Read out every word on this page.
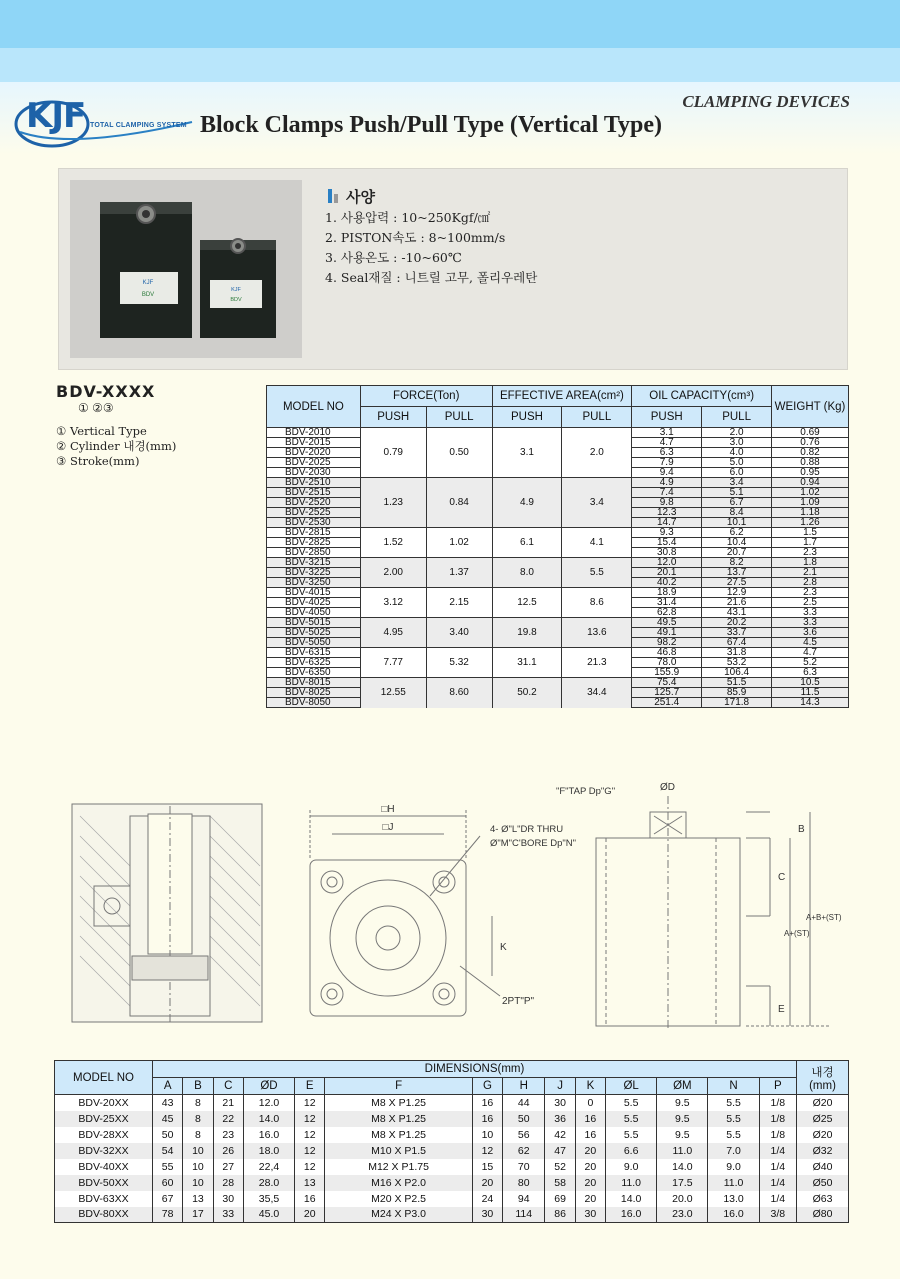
KJF TOTAL CLAMPING SYSTEM
CLAMPING DEVICES
Block Clamps Push/Pull Type (Vertical Type)
KJF
BDV
KJF
BDV
사양
1. 사용압력 : 10~250Kgf/㎠
2. PISTON속도 : 8~100mm/s
3. 사용온도 : -10~60℃
4. Seal재질 : 니트릴 고무, 폴리우레탄
BDV-XXXX
① ②③
① Vertical Type
② Cylinder 내경(mm)
③ Stroke(mm)
MODEL NO	FORCE(Ton)		EFFECTIVE AREA(cm²)		OIL CAPACITY(cm³)		WEIGHT (Kg)
	PUSH	PULL	PUSH	PULL	PUSH	PULL	
BDV-2010	0.79	0.50	3.1	2.0	3.1	2.0	0.69
BDV-2015					4.7	3.0	0.76
BDV-2020					6.3	4.0	0.82
BDV-2025					7.9	5.0	0.88
BDV-2030					9.4	6.0	0.95
BDV-2510	1.23	0.84	4.9	3.4	4.9	3.4	0.94
BDV-2515					7.4	5.1	1.02
BDV-2520					9.8	6.7	1.09
BDV-2525					12.3	8.4	1.18
BDV-2530					14.7	10.1	1.26
BDV-2815	1.52	1.02	6.1	4.1	9.3	6.2	1.5
BDV-2825					15.4	10.4	1.7
BDV-2850					30.8	20.7	2.3
BDV-3215	2.00	1.37	8.0	5.5	12.0	8.2	1.8
BDV-3225					20.1	13.7	2.1
BDV-3250					40.2	27.5	2.8
BDV-4015	3.12	2.15	12.5	8.6	18.9	12.9	2.3
BDV-4025					31.4	21.6	2.5
BDV-4050					62.8	43.1	3.3
BDV-5015	4.95	3.40	19.8	13.6	49.5	20.2	3.3
BDV-5025					49.1	33.7	3.6
BDV-5050					98.2	67.4	4.5
BDV-6315	7.77	5.32	31.1	21.3	46.8	31.8	4.7
BDV-6325					78.0	53.2	5.2
BDV-6350					155.9	106.4	6.3
BDV-8015	12.55	8.60	50.2	34.4	75.4	51.5	10.5
BDV-8025					125.7	85.9	11.5
BDV-8050					251.4	171.8	14.3
□H
□J
K
4- Ø"L"DR THRU
Ø"M"C'BORE Dp"N"
2PT"P"
"F"TAP Dp"G"	ØD
B
C
E
A+B+(ST)
A+(ST)
MODEL NO	DIMENSIONS(mm)														내경 (mm)
	A	B	C	ØD	E	F	G	H	J	K	ØL	ØM	N	P	
BDV-20XX	43	8	21	12.0	12	M8 X P1.25	16	44	30	0	5.5	9.5	5.5	1/8	Ø20
BDV-25XX	45	8	22	14.0	12	M8 X P1.25	16	50	36	16	5.5	9.5	5.5	1/8	Ø25
BDV-28XX	50	8	23	16.0	12	M8 X P1.25	10	56	42	16	5.5	9.5	5.5	1/8	Ø20
BDV-32XX	54	10	26	18.0	12	M10 X P1.5	12	62	47	20	6.6	11.0	7.0	1/4	Ø32
BDV-40XX	55	10	27	22,4	12	M12 X P1.75	15	70	52	20	9.0	14.0	9.0	1/4	Ø40
BDV-50XX	60	10	28	28.0	13	M16 X P2.0	20	80	58	20	11.0	17.5	11.0	1/4	Ø50
BDV-63XX	67	13	30	35,5	16	M20 X P2.5	24	94	69	20	14.0	20.0	13.0	1/4	Ø63
BDV-80XX	78	17	33	45.0	20	M24 X P3.0	30	114	86	30	16.0	23.0	16.0	3/8	Ø80
